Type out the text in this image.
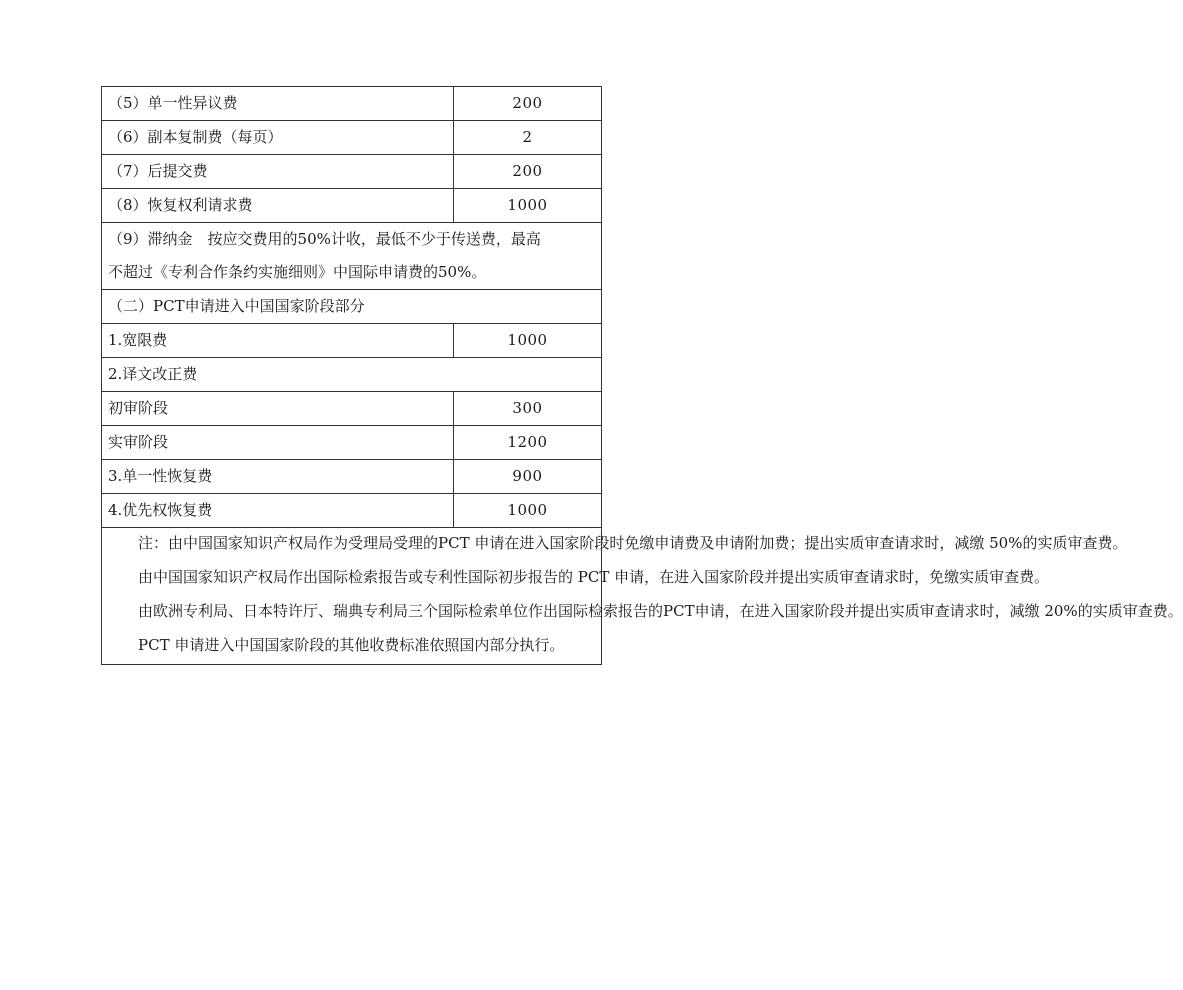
（5）单一性异议费	200
（6）副本复制费（每页）	2
（7）后提交费	200
（8）恢复权利请求费	1000

（9）滞纳金　按应交费用的50%计收，最低不少于传送费，最高
不超过《专利合作条约实施细则》中国际申请费的50%。	

（二）PCT申请进入中国国家阶段部分	
1.宽限费	1000
2.译文改正费	
初审阶段	300
实审阶段	1200
3.单一性恢复费	900
4.优先权恢复费	1000

注：由中国国家知识产权局作为受理局受理的PCT 申请在进入国家阶段时免缴申请费及申请附加费；提出实质审查请求时，减缴 50%的实质审查费。

由中国国家知识产权局作出国际检索报告或专利性国际初步报告的 PCT 申请，在进入国家阶段并提出实质审查请求时，免缴实质审查费。

由欧洲专利局、日本特许厅、瑞典专利局三个国际检索单位作出国际检索报告的PCT申请，在进入国家阶段并提出实质审查请求时，减缴 20%的实质审查费。

PCT 申请进入中国国家阶段的其他收费标准依照国内部分执行。	
